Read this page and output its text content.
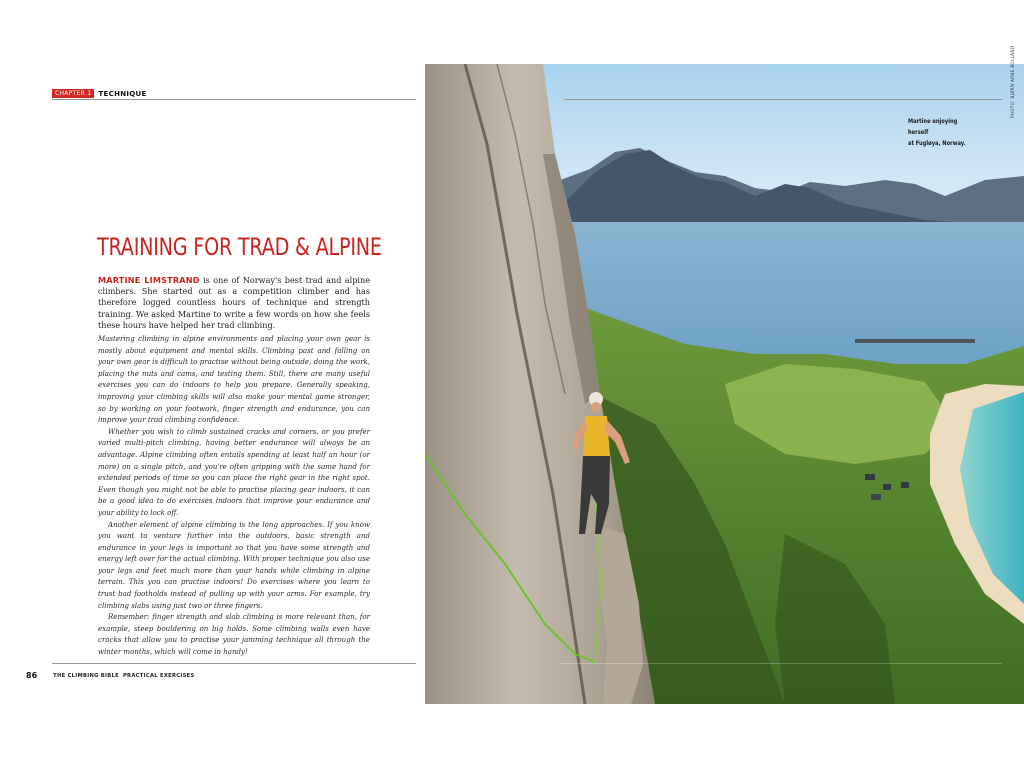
CHAPTER 1	TECHNIQUE
TRAINING FOR TRAD & ALPINE

MARTINE LIMSTRAND is one of Norway's best trad and alpine climbers. She started out as a competition climber and has therefore logged countless hours of technique and strength training. We asked Martine to write a few words on how she feels these hours have helped her trad climbing.

Mastering climbing in alpine environments and placing your own gear is mostly about equipment and mental skills. Climbing past and falling on your own gear is difficult to practise without being outside, doing the work, placing the nuts and cams, and testing them. Still, there are many useful exercises you can do indoors to help you prepare. Generally speaking, improving your climbing skills will also make your mental game stronger, so by working on your footwork, finger strength and endurance, you can improve your trad climbing confidence.

Whether you wish to climb sustained cracks and corners, or you prefer varied multi-pitch climbing, having better endurance will always be an advantage. Alpine climbing often entails spending at least half an hour (or more) on a single pitch, and you're often gripping with the same hand for extended periods of time so you can place the right gear in the right spot. Even though you might not be able to practise placing gear indoors, it can be a good idea to do exercises indoors that improve your endurance and your ability to lock off.

Another element of alpine climbing is the long approaches. If you know you want to venture further into the outdoors, basic strength and endurance in your legs is important so that you have some strength and energy left over for the actual climbing. With proper technique you also use your legs and feet much more than your hands while climbing in alpine terrain. This you can practise indoors! Do exercises where you learn to trust bad footholds instead of pulling up with your arms. For example, try climbing slabs using just two or three fingers.

Remember: finger strength and slab climbing is more relevant than, for example, steep bouldering on big holds. Some climbing walls even have cracks that allow you to practise your jamming technique all through the winter months, which will come in handy!

86	THE CLIMBING BIBLE PRACTICAL EXERCISES
Martine enjoying herself
at Fugløya, Norway.
PHOTO: BJØRN ARNE BOLLAND
